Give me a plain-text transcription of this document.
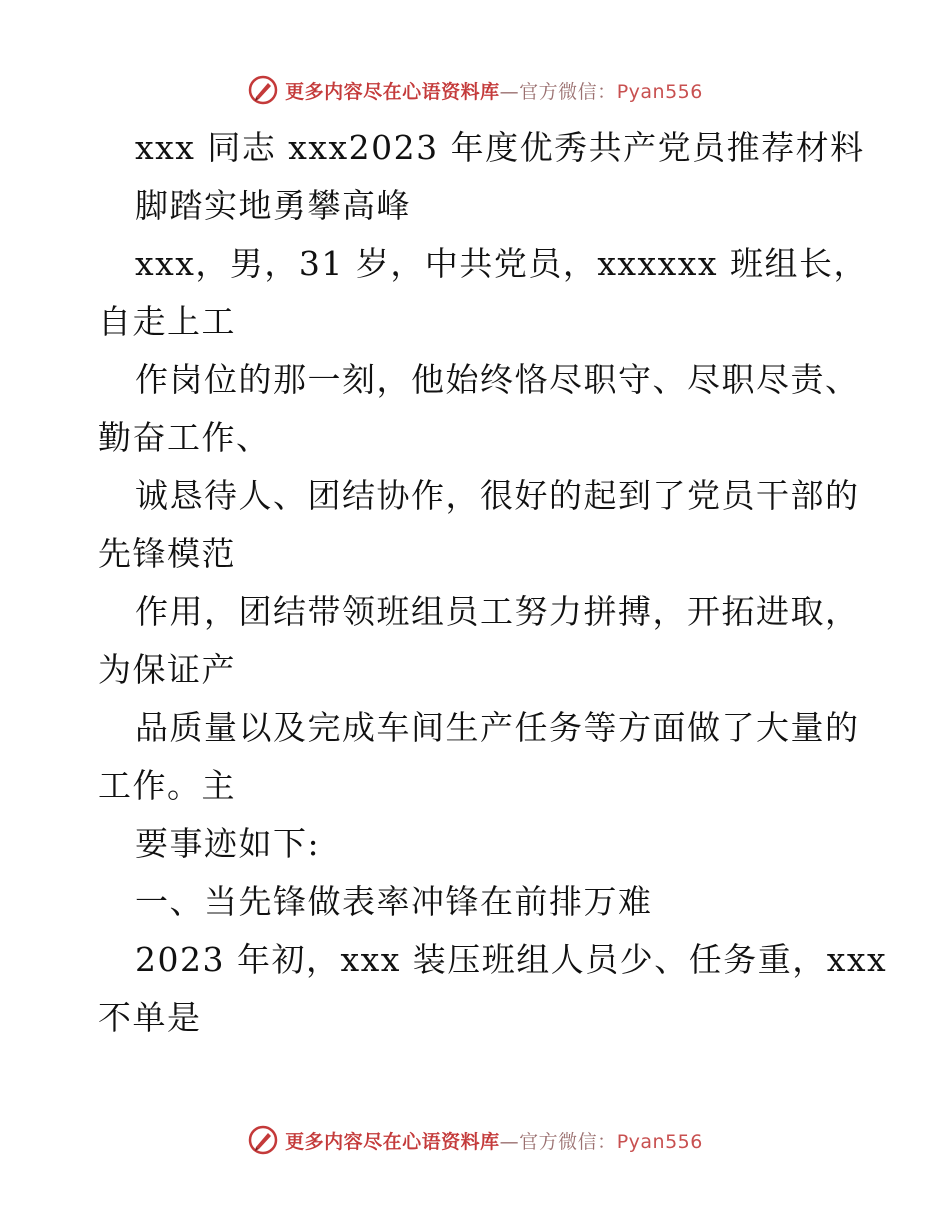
更多内容尽在心语资料库—官方微信：Pyan556
xxx 同志 xxx2023 年度优秀共产党员推荐材料
脚踏实地勇攀高峰
xxx，男，31 岁，中共党员，xxxxxx 班组长，
自走上工
作岗位的那一刻，他始终恪尽职守、尽职尽责、
勤奋工作、
诚恳待人、团结协作，很好的起到了党员干部的
先锋模范
作用，团结带领班组员工努力拼搏，开拓进取，
为保证产
品质量以及完成车间生产任务等方面做了大量的
工作。主
要事迹如下:
一、当先锋做表率冲锋在前排万难
2023 年初，xxx 装压班组人员少、任务重，xxx
不单是
更多内容尽在心语资料库—官方微信：Pyan556
